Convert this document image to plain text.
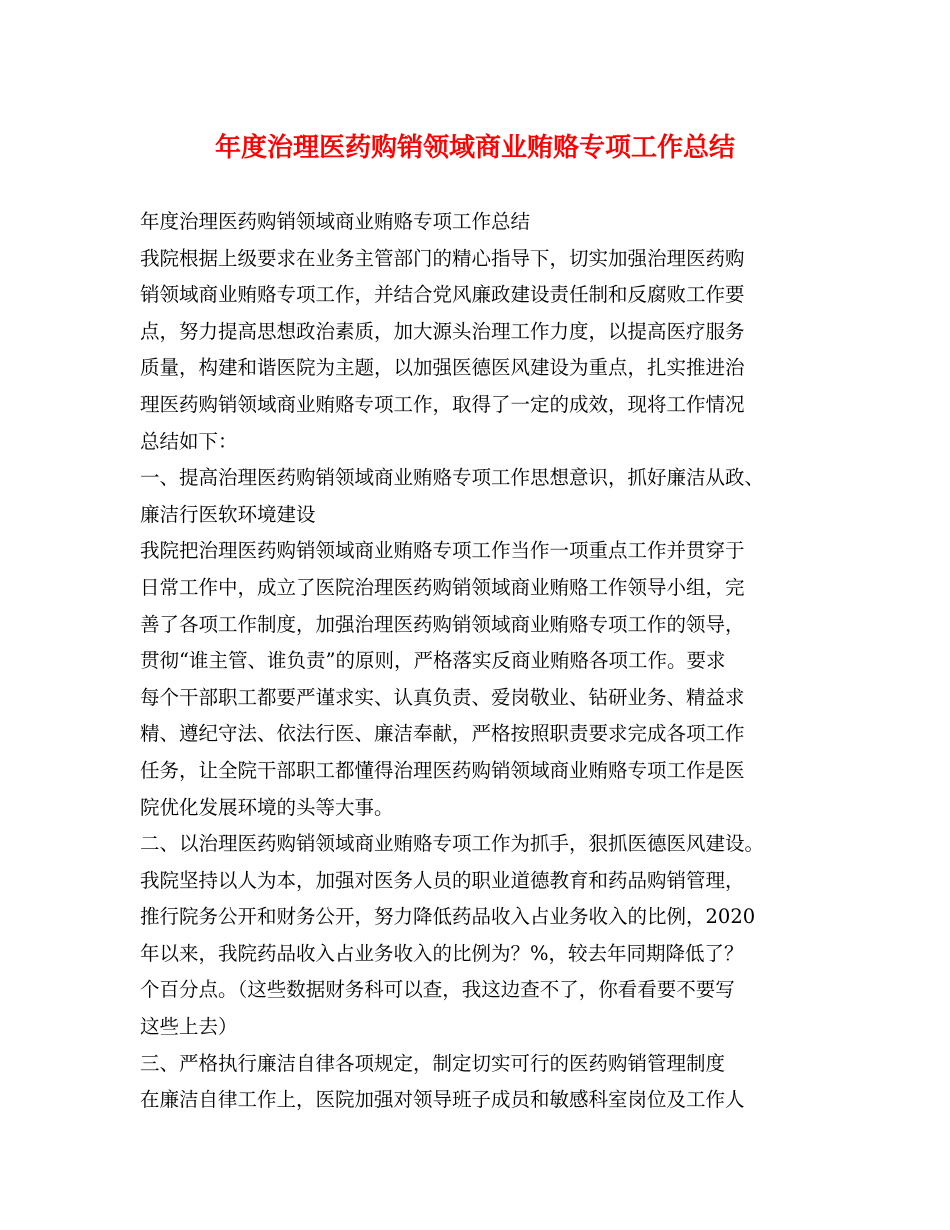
年度治理医药购销领域商业贿赂专项工作总结
年度治理医药购销领域商业贿赂专项工作总结
我院根据上级要求在业务主管部门的精心指导下，切实加强治理医药购
销领域商业贿赂专项工作，并结合党风廉政建设责任制和反腐败工作要
点，努力提高思想政治素质，加大源头治理工作力度，以提高医疗服务
质量，构建和谐医院为主题，以加强医德医风建设为重点，扎实推进治
理医药购销领域商业贿赂专项工作，取得了一定的成效，现将工作情况
总结如下：
一、提高治理医药购销领域商业贿赂专项工作思想意识，抓好廉洁从政、
廉洁行医软环境建设
我院把治理医药购销领域商业贿赂专项工作当作一项重点工作并贯穿于
日常工作中，成立了医院治理医药购销领域商业贿赂工作领导小组，完
善了各项工作制度，加强治理医药购销领域商业贿赂专项工作的领导，
贯彻“谁主管、谁负责”的原则，严格落实反商业贿赂各项工作。要求
每个干部职工都要严谨求实、认真负责、爱岗敬业、钻研业务、精益求
精、遵纪守法、依法行医、廉洁奉献，严格按照职责要求完成各项工作
任务，让全院干部职工都懂得治理医药购销领域商业贿赂专项工作是医
院优化发展环境的头等大事。
二、以治理医药购销领域商业贿赂专项工作为抓手，狠抓医德医风建设。
我院坚持以人为本，加强对医务人员的职业道德教育和药品购销管理，
推行院务公开和财务公开，努力降低药品收入占业务收入的比例，2020
年以来，我院药品收入占业务收入的比例为？%，较去年同期降低了？
个百分点。（这些数据财务科可以查，我这边查不了，你看看要不要写
这些上去）
三、严格执行廉洁自律各项规定，制定切实可行的医药购销管理制度
在廉洁自律工作上，医院加强对领导班子成员和敏感科室岗位及工作人
